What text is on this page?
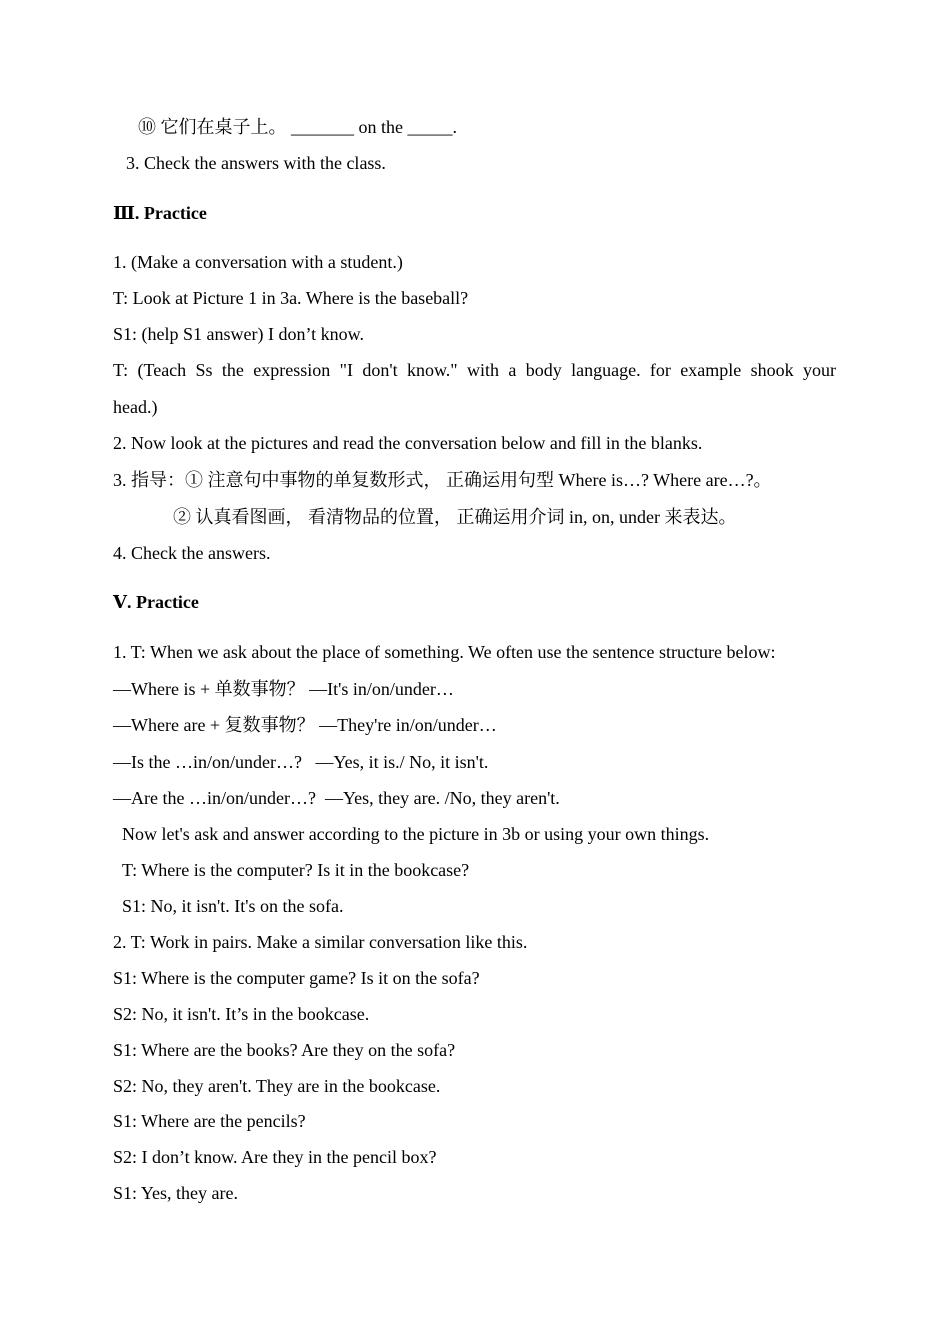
⑩ 它们在桌子上。 _______ on the _____.
3. Check the answers with the class.
Ⅲ. Practice
1. (Make a conversation with a student.)
T: Look at Picture 1 in 3a. Where is the baseball?
S1: (help S1 answer) I don’t know.
T: (Teach Ss the expression "I don't know." with a body language. for example shook your
head.)
2. Now look at the pictures and read the conversation below and fill in the blanks.
3. 指导：① 注意句中事物的单复数形式， 正确运用句型 Where is…? Where are…?。
② 认真看图画， 看清物品的位置， 正确运用介词 in, on, under 来表达。
4. Check the answers.
Ⅴ. Practice
1. T: When we ask about the place of something. We often use the sentence structure below:
—Where is + 单数事物？ —It's in/on/under…
—Where are + 复数事物？ —They're in/on/under…
—Is the …in/on/under…?   —Yes, it is./ No, it isn't.
—Are the …in/on/under…?  —Yes, they are. /No, they aren't.
Now let's ask and answer according to the picture in 3b or using your own things.
T: Where is the computer? Is it in the bookcase?
S1: No, it isn't. It's on the sofa.
2. T: Work in pairs. Make a similar conversation like this.
S1: Where is the computer game? Is it on the sofa?
S2: No, it isn't. It’s in the bookcase.
S1: Where are the books? Are they on the sofa?
S2: No, they aren't. They are in the bookcase.
S1: Where are the pencils?
S2: I don’t know. Are they in the pencil box?
S1: Yes, they are.
